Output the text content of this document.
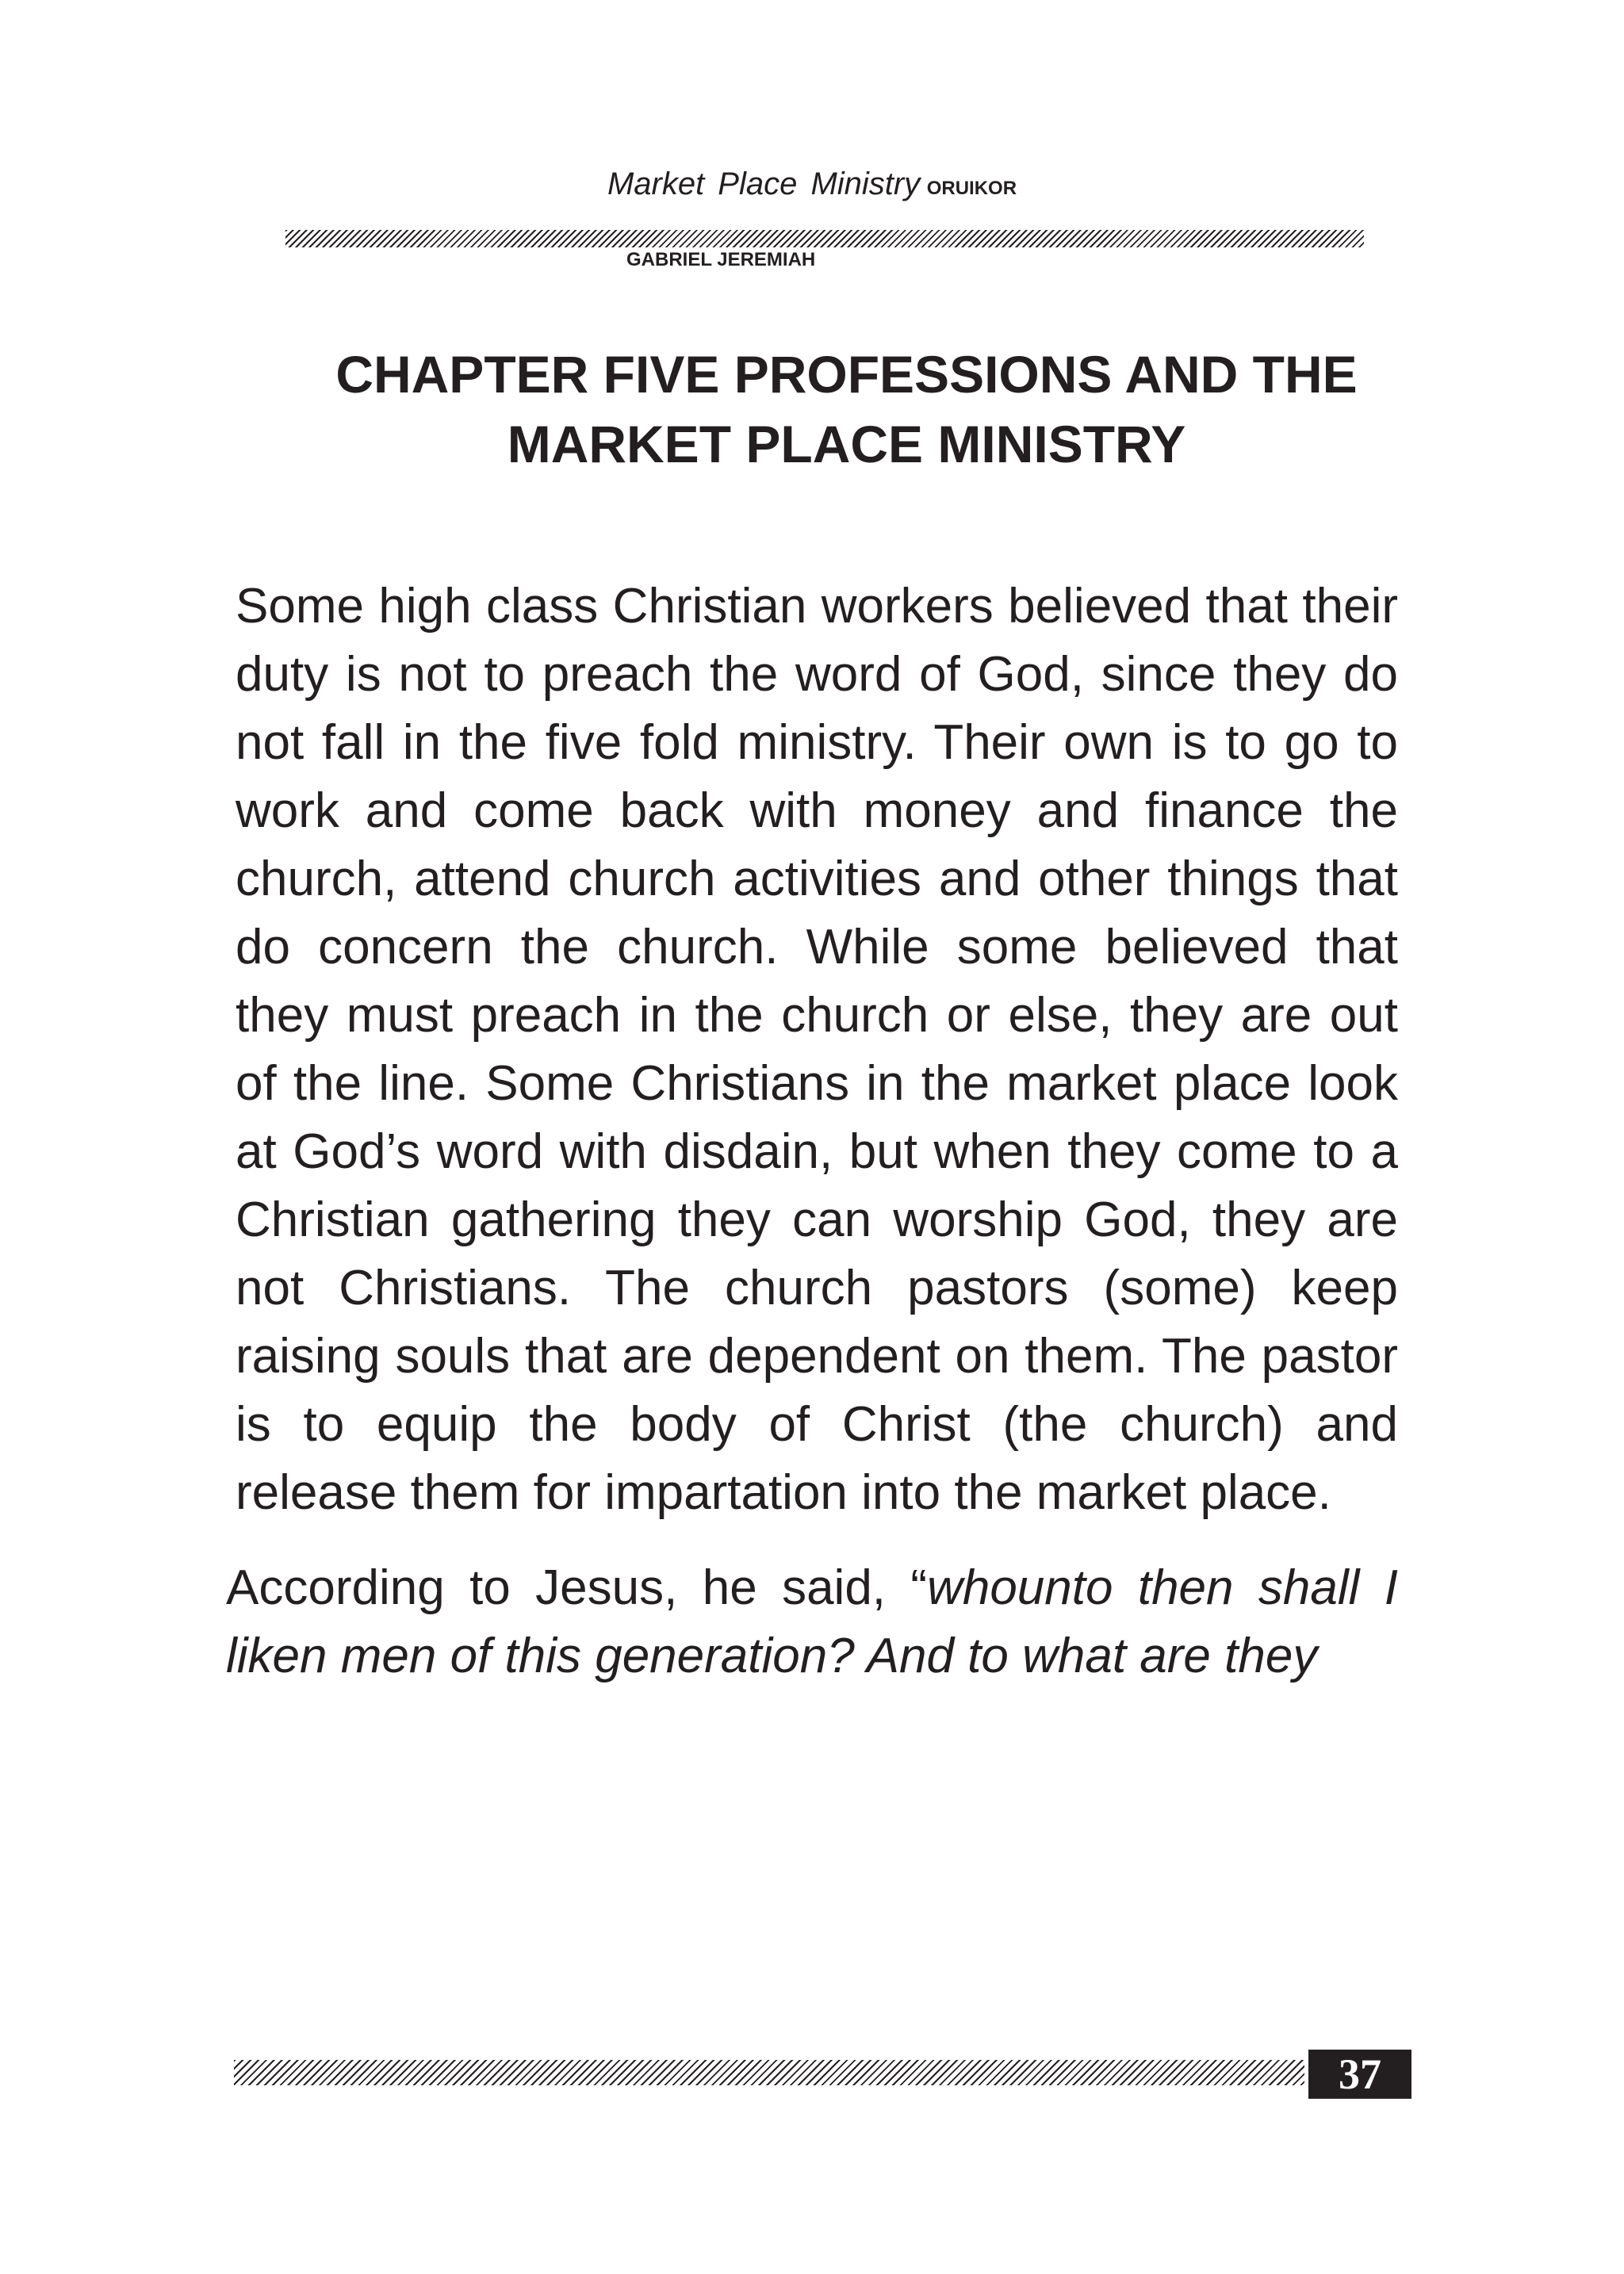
Market Place Ministry ORUIKOR
GABRIEL JEREMIAH
CHAPTER FIVE PROFESSIONS AND THE MARKET PLACE MINISTRY

Some high class Christian workers believed that their duty is not to preach the word of God, since they do not fall in the five fold ministry. Their own is to go to work and come back with money and finance the church, attend church activities and other things that do concern the church. While some believed that they must preach in the church or else, they are out of the line. Some Christians in the market place look at God’s word with disdain, but when they come to a Christian gathering they can worship God, they are not Christians. The church pastors (some) keep raising souls that are dependent on them. The pastor is to equip the body of Christ (the church) and release them for impartation into the market place.

According to Jesus, he said, “whounto then shall I liken men of this generation? And to what are they

37
